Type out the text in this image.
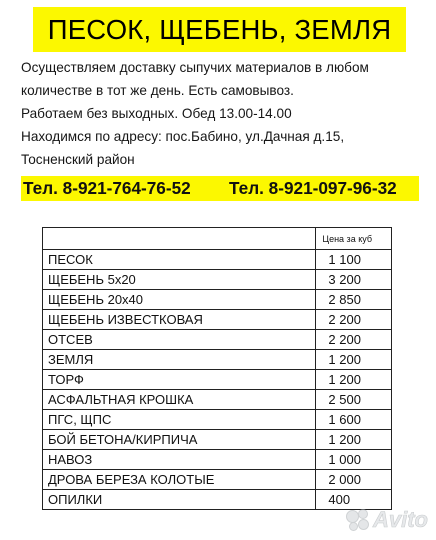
ПЕСОК, ЩЕБЕНЬ, ЗЕМЛЯ
Осуществляем доставку сыпучих материалов в любом
количестве в тот же день. Есть самовывоз.
Работаем без выходных. Обед 13.00-14.00
Находимся по адресу: пос.Бабино, ул.Дачная д.15,
Тосненский район
Тел. 8-921-764-76-52 Тел. 8-921-097-96-32
	Цена за куб
ПЕСОК	1 100
ЩЕБЕНЬ 5х20	3 200
ЩЕБЕНЬ 20х40	2 850
ЩЕБЕНЬ ИЗВЕСТКОВАЯ	2 200
ОТСЕВ	2 200
ЗЕМЛЯ	1 200
ТОРФ	1 200
АСФАЛЬТНАЯ КРОШКА	2 500
ПГС, ЩПС	1 600
БОЙ БЕТОНА/КИРПИЧА	1 200
НАВОЗ	1 000
ДРОВА БЕРЕЗА КОЛОТЫЕ	2 000
ОПИЛКИ	400
Avito
